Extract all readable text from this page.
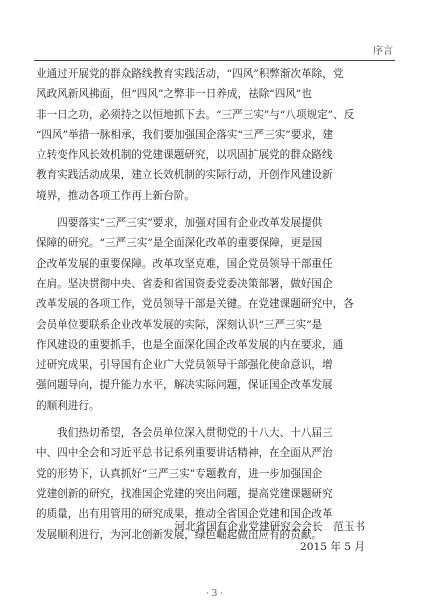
序言

业通过开展党的群众路线教育实践活动，“四风”积弊渐次革除，党
风政风新风拂面，但“四风”之弊非一日养成，祛除“四风”也
非一日之功，必须持之以恒地抓下去。“三严三实”与“八项规定”、反
“四风”举措一脉相承，我们要加强国企落实“三严三实”要求，建
立转变作风长效机制的党建课题研究，以巩固扩展党的群众路线
教育实践活动成果，建立长效机制的实际行动，开创作风建设新
境界，推动各项工作再上新台阶。

　　四要落实“三严三实”要求，加强对国有企业改革发展提供
保障的研究。“三严三实”是全面深化改革的重要保障，更是国
企改革发展的重要保障。改革攻坚克难，国企党员领导干部重任
在肩。坚决贯彻中央、省委和省国资委党委决策部署，做好国企
改革发展的各项工作，党员领导干部是关键。在党建课题研究中，各
会员单位要联系企业改革发展的实际，深刻认识“三严三实”是
作风建设的重要抓手，也是全面深化国企改革发展的内在要求，通
过研究成果，引导国有企业广大党员领导干部强化使命意识，增
强问题导向，提升能力水平，解决实际问题，保证国企改革发展
的顺利进行。

　　我们热切希望，各会员单位深入贯彻党的十八大、十八届三
中、四中全会和习近平总书记系列重要讲话精神，在全面从严治
党的形势下，认真抓好“三严三实”专题教育，进一步加强国企
党建创新的研究，找准国企党建的突出问题，提高党建课题研究
的质量，出有用管用的研究成果，推动全省国企党建和国企改革
发展顺利进行，为河北创新发展，绿色崛起做出应有的贡献。

河北省国有企业党建研究会会长　范玉书
2015 年 5 月
· 3 ·
